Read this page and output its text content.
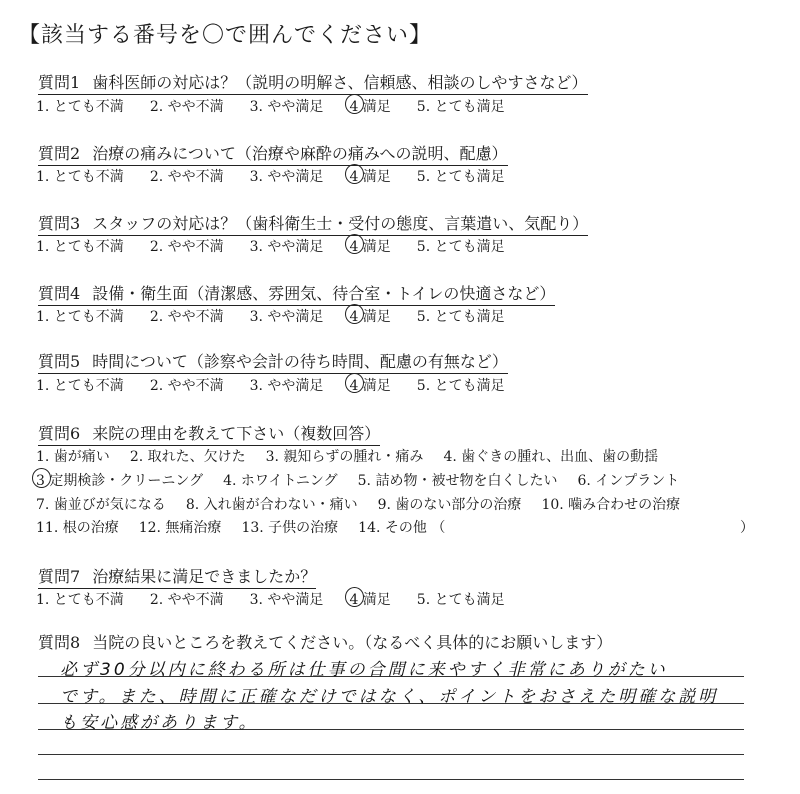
【該当する番号を〇で囲んでください】
質問1 歯科医師の対応は？（説明の明解さ、信頼感、相談のしやすさなど）
1. とても不満 2. やや不満 3. やや満足 4 満足 5. とても満足
質問2 治療の痛みについて（治療や麻酔の痛みへの説明、配慮）
1. とても不満 2. やや不満 3. やや満足 4 満足 5. とても満足
質問3 スタッフの対応は？（歯科衛生士・受付の態度、言葉遣い、気配り）
1. とても不満 2. やや不満 3. やや満足 4 満足 5. とても満足
質問4 設備・衛生面（清潔感、雰囲気、待合室・トイレの快適さなど）
1. とても不満 2. やや不満 3. やや満足 4 満足 5. とても満足
質問5 時間について（診察や会計の待ち時間、配慮の有無など）
1. とても不満 2. やや不満 3. やや満足 4 満足 5. とても満足
質問6 来院の理由を教えて下さい（複数回答）
1. 歯が痛い 2. 取れた、欠けた 3. 親知らずの腫れ・痛み 4. 歯ぐきの腫れ、出血、歯の動揺
3 定期検診・クリーニング 4. ホワイトニング 5. 詰め物・被せ物を白くしたい 6. インプラント
7. 歯並びが気になる 8. 入れ歯が合わない・痛い 9. 歯のない部分の治療 10. 噛み合わせの治療
11. 根の治療 12. 無痛治療 13. 子供の治療 14. その他 （	）
質問7 治療結果に満足できましたか？
1. とても不満 2. やや不満 3. やや満足 4 満足 5. とても満足
質問8 当院の良いところを教えてください。（なるべく具体的にお願いします）
必ず30分以内に終わる所は仕事の合間に来やすく非常にありがたい
です。また、時間に正確なだけではなく、ポイントをおさえた明確な説明
も安心感があります。
